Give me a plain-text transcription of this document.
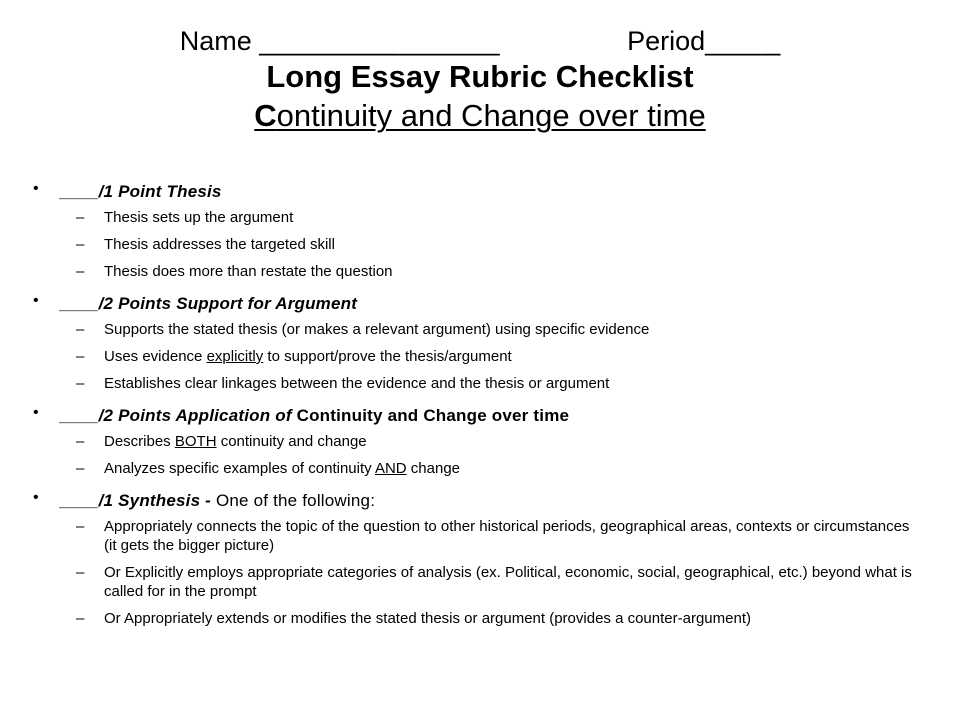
Name ________________                 Period_____
Long Essay Rubric Checklist
Continuity and Change over time
• ____/1 Point Thesis
– Thesis sets up the argument
– Thesis addresses the targeted skill
– Thesis does more than restate the question
• ____/2 Points Support for Argument
– Supports the stated thesis (or makes a relevant argument) using specific evidence
– Uses evidence explicitly to support/prove the thesis/argument
– Establishes clear linkages between the evidence and the thesis or argument
• ____/2 Points Application of Continuity and Change over time
– Describes BOTH continuity and change
– Analyzes specific examples of continuity AND change
• ____/1 Synthesis - One of the following:
– Appropriately connects the topic of the question to other historical periods, geographical areas, contexts or circumstances (it gets the bigger picture)
– Or Explicitly employs appropriate categories of analysis (ex. Political, economic, social, geographical, etc.) beyond what is called for in the prompt
– Or Appropriately extends or modifies the stated thesis or argument (provides a counter-argument)
